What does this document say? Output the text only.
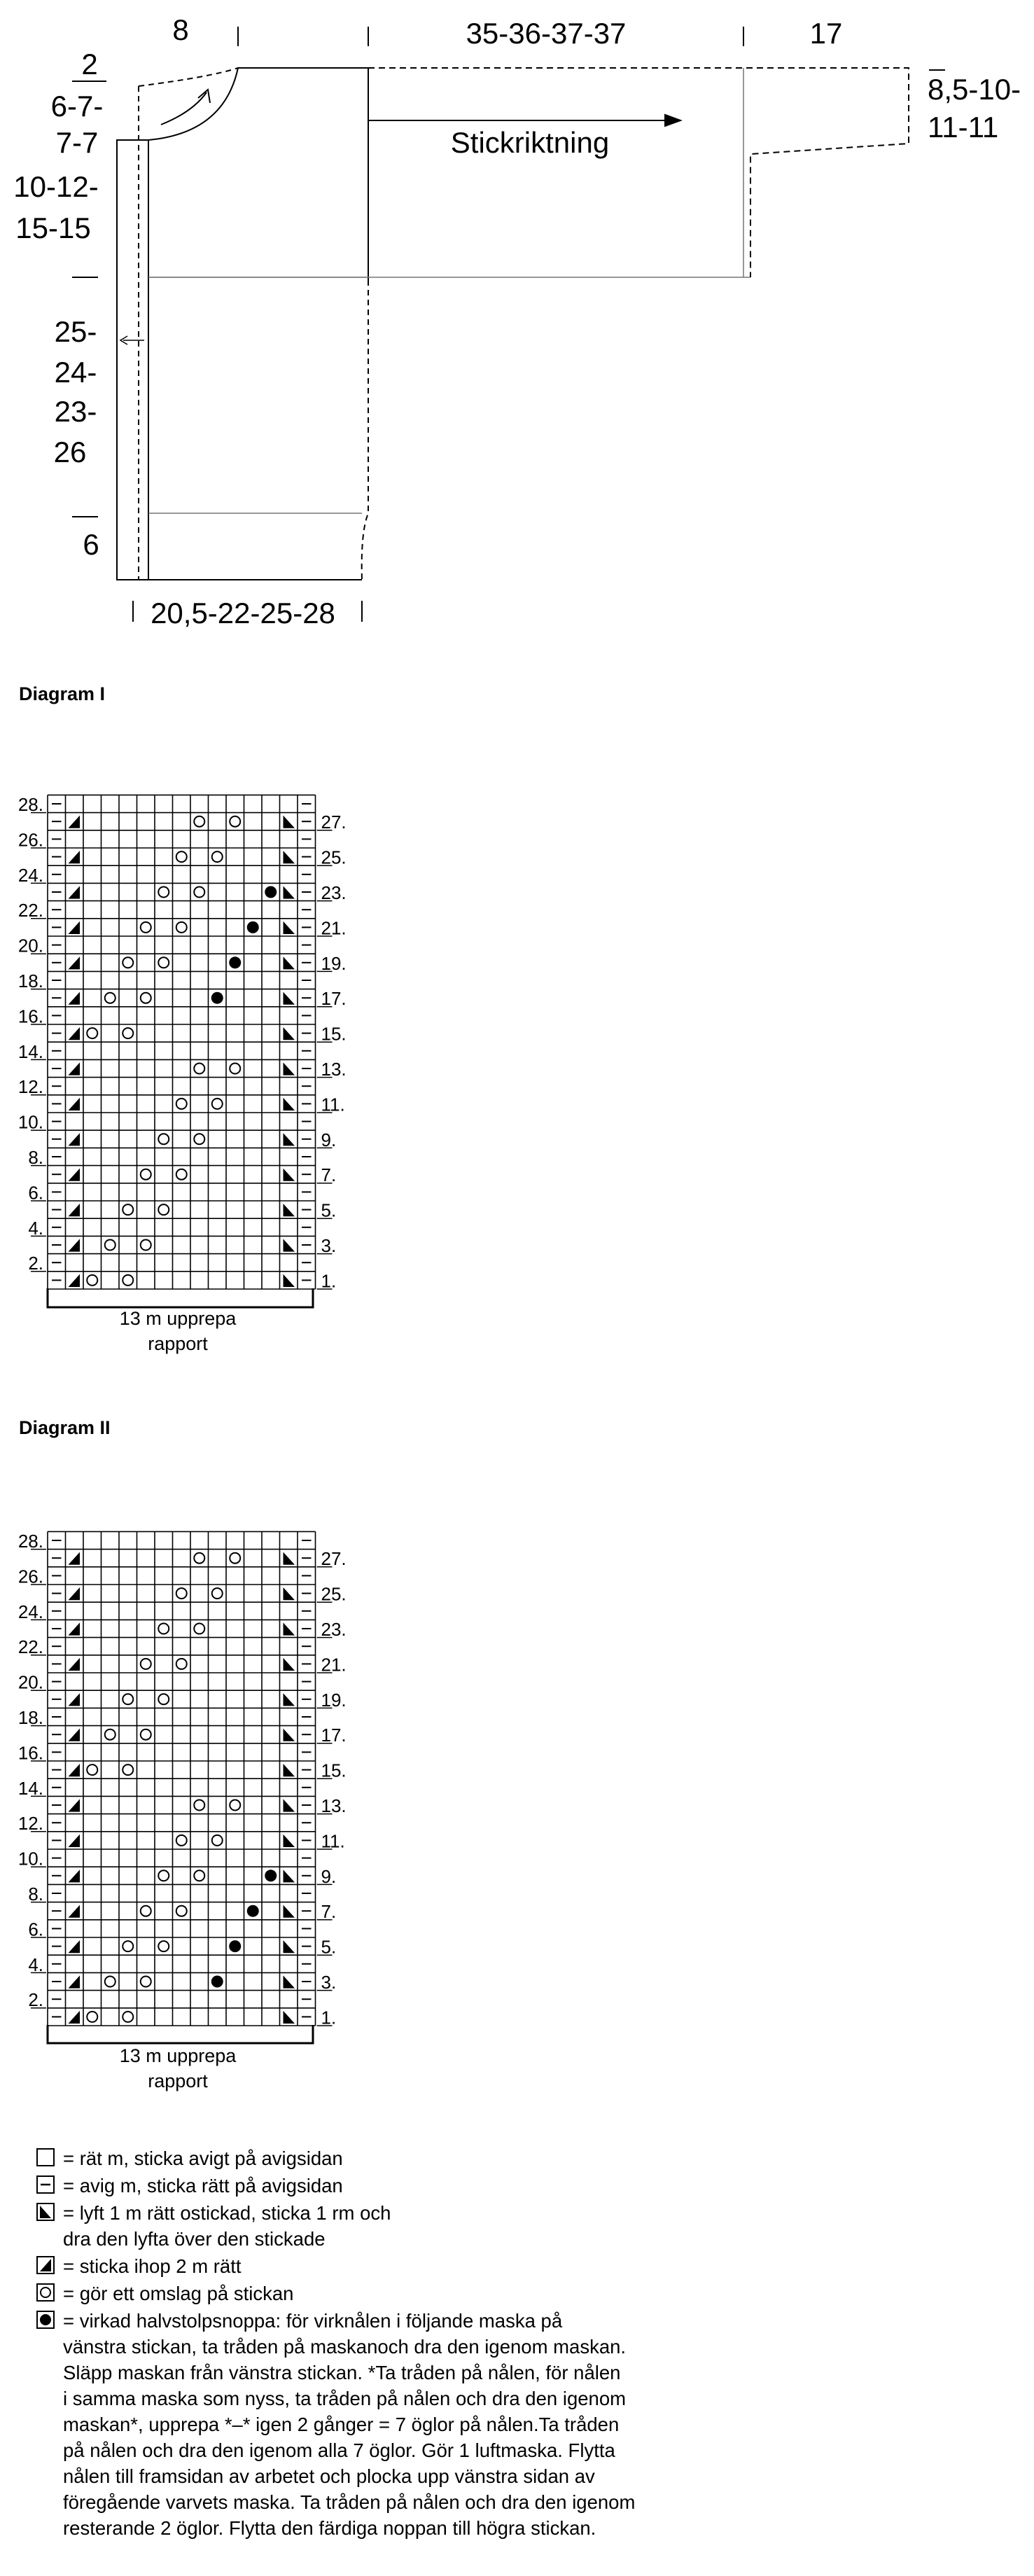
8	35-36-37-37	17
8,5-10-
11-11
2
6-7-
7-7
10-12-
15-15
25-
24-
23-
26
6
20,5-22-25-28
Stickriktning
Diagram I
28.
26.
24.
22.
20.
18.
16.
14.
12.
10.
8.
6.
4.
2.
27.
25.
23.
21.
19.
17.
15.
13.
11.
9.
7.
5.
3.
1.
13 m upprepa
rapport
Diagram II
28.
26.
24.
22.
20.
18.
16.
14.
12.
10.
8.
6.
4.
2.
27.
25.
23.
21.
19.
17.
15.
13.
11.
9.
7.
5.
3.
1.
13 m upprepa
rapport
= rät m, sticka avigt på avigsidan
= avig m, sticka rätt på avigsidan
= lyft 1 m rätt ostickad, sticka 1 rm och
dra den lyfta över den stickade
= sticka ihop 2 m rätt
= gör ett omslag på stickan
= virkad halvstolpsnoppa: för virknålen i följande maska på
vänstra stickan, ta tråden på maskanoch dra den igenom maskan.
Släpp maskan från vänstra stickan. *Ta tråden på nålen, för nålen
i samma maska som nyss, ta tråden på nålen och dra den igenom
maskan*, upprepa *–* igen 2 gånger = 7 öglor på nålen.Ta tråden
på nålen och dra den igenom alla 7 öglor. Gör 1 luftmaska. Flytta
nålen till framsidan av arbetet och plocka upp vänstra sidan av
föregående varvets maska. Ta tråden på nålen och dra den igenom
resterande 2 öglor. Flytta den färdiga noppan till högra stickan.
